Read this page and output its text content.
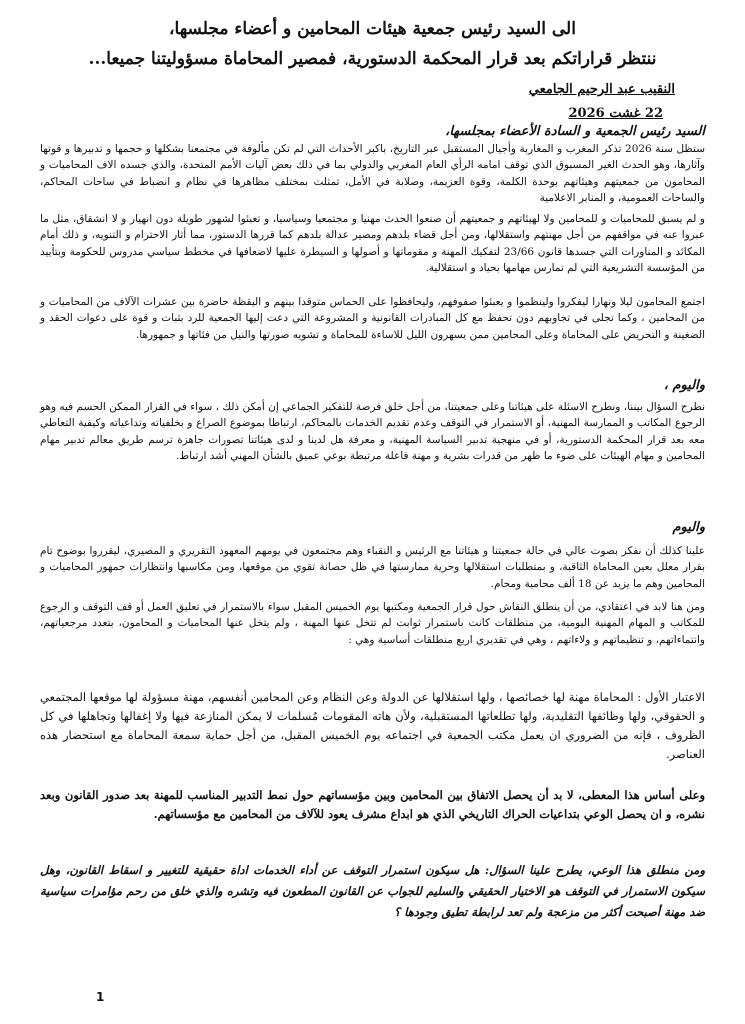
الى السيد رئيس جمعية هيئات المحامين و أعضاء مجلسها،
ننتظر قراراتكم بعد قرار المحكمة الدستورية، فمصير المحاماة مسؤوليتنا جميعا...
النقيب عبد الرحيم الجامعي
22 غشت 2026
السيد رئيس الجمعية و السادة الأعضاء بمجلسها،

ستظل سنة 2026 تذكر المغرب و المغاربة وأجيال المستقبل عبر التاريخ، باكبر الأحداث التي لم تكن مألوفة في مجتمعنا بشكلها و حجمها و تدبيرها و قوتها وآثارها، وهو الحدث الغير المسبوق الذي توقف امامه الرأي العام المغربي والدولي بما في ذلك بعض آليات الأمم المتحدة، والذي جسده الاف المحاميات و المحامون من جمعيتهم وهيئاتهم بوحدة الكلمة، وقوة العزيمة، وصلابة في الأمل، تمثلت بمختلف مظاهرها في نظام و انضباط في ساحات المحاكم، والساحات العمومية، و المنابر الاعلامية

و لم يسبق للمحاميات و للمحامين ولا لهيئاتهم و جمعيتهم أن صنعوا الحدث مهنيا و مجتمعيا وسياسيا، و تعبئوا لشهور طويلة دون انهيار و لا انشقاق، مثل ما عبروا عنه في مواقفهم من أجل مهنتهم واستقلالها، ومن أجل قضاء بلدهم ومصير عدالة بلدهم كما قررها الدستور، مما أثار الاحترام و التنويه، و ذلك أمام المكائد و المناورات التي جسدها قانون 23/66 لتفكيك المهنة و مقوماتها و أصولها و السيطرة عليها لاضعافها في مخطط سياسي مدروس للحكومة وبتأييد من المؤسسة التشريعية التي لم تمارس مهامها بحياد و استقلالية.

اجتمع المحامون ليلا ونهارا ليفكروا ولينظموا و يعبئوا صفوفهم، وليحافظوا على الحماس متوقدا بينهم و اليقظة حاضرة بين عشرات الآلاف من المحاميات و من المحامين ، وكما تجلى في تجاوبهم دون تحفظ مع كل المبادرات القانونية و المشروعة التي دعت إليها الجمعية للرد بثبات و قوة على دعوات الحقد و الضغينة و التحريض على المحاماة وعلى المحامين ممن يسهرون الليل للاساءة للمحاماة و تشويه صورتها والنيل من فئاتها و جمهورها.

واليوم ،

نطرح السؤال بيننا، ونطرح الاسئلة على هيئاتنا وعلى جمعيتنا، من أجل خلق فرصة للتفكير الجماعي إن أمكن ذلك ، سواء في القرار الممكن الحسم فيه وهو الرجوع المكاتب و الممارسة المهنية، أو الاستمرار في التوقف وعدم تقديم الخدمات بالمحاكم، ارتباطا بموضوع الصراع و بخلفياته وتداعياته وكيفية التعاطي معه بعد قرار المحكمة الدستورية، أو في منهجية تدبير السياسة المهنية، و معرفة هل لدينا و لدى هيئاتنا تصورات جاهزة ترسم طريق معالم تدبير مهام المحامين و مهام الهيئات على ضوء ما ظهر من قدرات بشرية و مهنة فاعلة مرتبطة بوعي عميق بالشأن المهني أشد ارتباط.

واليوم

علينا كذلك أن نفكر بصوت عالي في حالة جمعيتنا و هيئاتنا مع الرئيس و النقباء وهم مجتمعون في يومهم المعهود التقريري و المصيري، ليقرروا بوضوح تام بقرار معلل بعين المحاماة الثاقبة، و بمتطلبات استقلالها وحرية ممارستها في ظل حصانة تقوي من موقعها، ومن مكاسبها وانتظارات جمهور المحاميات و المحامين وهم ما يزيد عن 18 ألف محامية ومحام.

ومن هنا لابد في اعتقادي، من أن ينطلق النقاش حول قرار الجمعية ومكتبها يوم الخميس المقبل سواء بالاستمرار في تعليق العمل أو قف التوقف و الرجوع للمكاتب و المهام المهنية اليومية، من منطلقات كانت باستمرار ثوابت لم تتخل عنها المهنة ، ولم يتخل عنها المحاميات و المحامون، بتعدد مرجعياتهم، وانتماءاتهم، و تنظيماتهم و ولاءاتهم ، وهي في تقديري اربع منطلقات أساسية وهي :

الاعتبار الأول : المحاماة مهنة لها خصائصها ، ولها استقلالها عن الدولة وعن النظام وعن المحامين أنفسهم، مهنة مسؤولة لها موقعها المجتمعي و الحقوقي، ولها وظائفها التقليدية، ولها تطلعاتها المستقبلية، ولأن هاته المقومات مُسلمات لا يمكن المنازعة فيها ولا إغفالها وتجاهلها في كل الظروف ، فإنه من الضروري ان يعمل مكتب الجمعية في اجتماعه يوم الخميس المقبل، من أجل حماية سمعة المحاماة مع استحضار هذه العناصر.

وعلى أساس هذا المعطى، لا بد أن يحصل الاتفاق بين المحامين وبين مؤسساتهم حول نمط التدبير المناسب للمهنة بعد صدور القانون وبعد نشره، و ان يحصل الوعي بتداعيات الحراك التاريخي الذي هو ابداع مشرف يعود للآلاف من المحامين مع مؤسساتهم.

ومن منطلق هذا الوعي، يطرح علينا السؤال: هل سيكون استمرار التوقف عن أداء الخدمات اداة حقيقية للتغيير و اسقاط القانون، وهل سيكون الاستمرار في التوقف هو الاختيار الحقيقي والسليم للجواب عن القانون المطعون فيه وتشره والذي خلق من رحم مؤامرات سياسية ضد مهنة أصبحت أكثر من مزعجة ولم تعد لرابطة تطيق وجودها ؟

1
